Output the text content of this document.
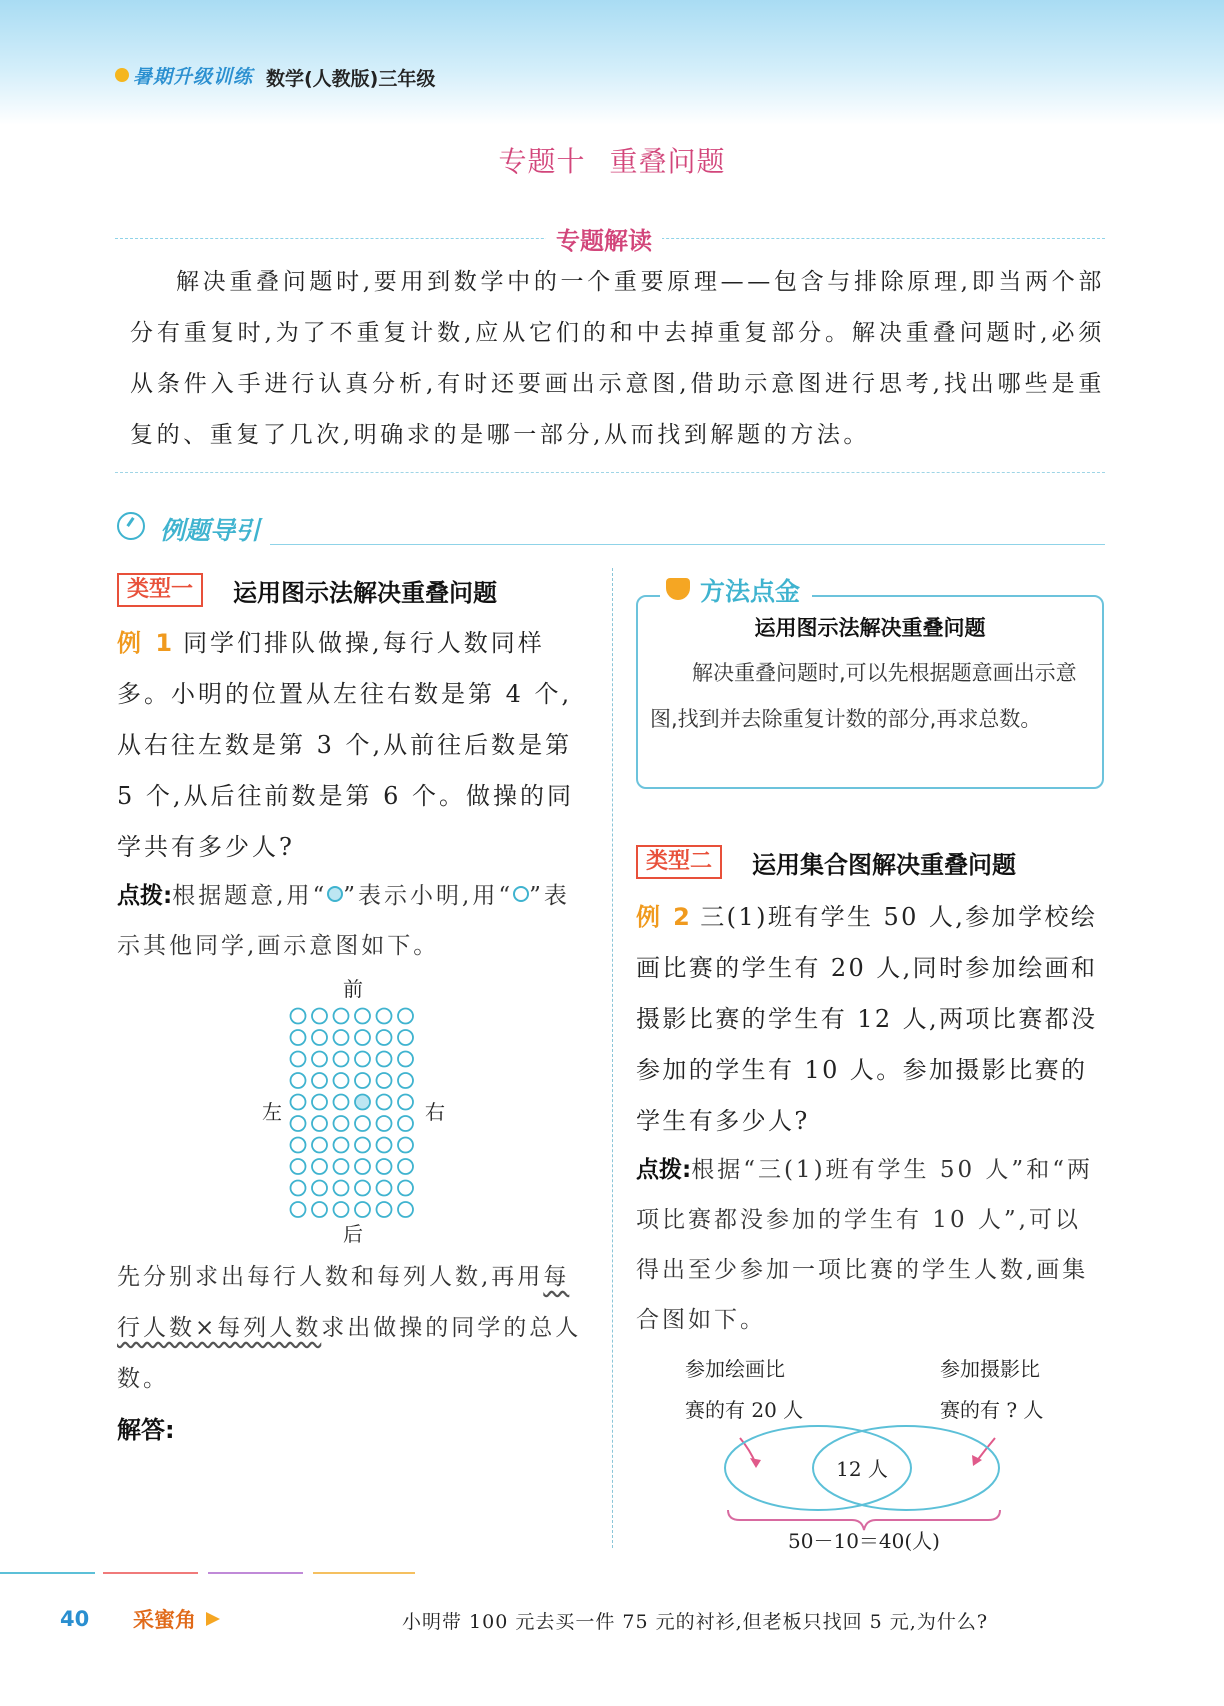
暑期升级训练 数学(人教版)三年级
专题十 重叠问题
专题解读

解决重叠问题时,要用到数学中的一个重要原理——包含与排除原理,即当两个部分有重复时,为了不重复计数,应从它们的和中去掉重复部分。解决重叠问题时,必须从条件入手进行认真分析,有时还要画出示意图,借助示意图进行思考,找出哪些是重复的、重复了几次,明确求的是哪一部分,从而找到解题的方法。

例题导引
类型一	运用图示法解决重叠问题
例 1 同学们排队做操,每行人数同样多。小明的位置从左往右数是第 4 个,从右往左数是第 3 个,从前往后数是第 5 个,从后往前数是第 6 个。做操的同学共有多少人?
点拨:根据题意,用“ ”表示小明,用“ ”表示其他同学,画示意图如下。
前
后
左	右
先分别求出每行人数和每列人数,再用每行人数×每列人数求出做操的同学的总人数。
解答:
方法点金
运用图示法解决重叠问题

解决重叠问题时,可以先根据题意画出示意图,找到并去除重复计数的部分,再求总数。

类型二	运用集合图解决重叠问题
例 2 三(1)班有学生 50 人,参加学校绘画比赛的学生有 20 人,同时参加绘画和摄影比赛的学生有 12 人,两项比赛都没参加的学生有 10 人。参加摄影比赛的学生有多少人?
点拨:根据“三(1)班有学生 50 人”和“两项比赛都没参加的学生有 10 人”,可以得出至少参加一项比赛的学生人数,画集合图如下。
参加绘画比
赛的有 20 人
参加摄影比
赛的有 ? 人
12 人
50－10＝40(人)
40 采蜜角	小明带 100 元去买一件 75 元的衬衫,但老板只找回 5 元,为什么?
